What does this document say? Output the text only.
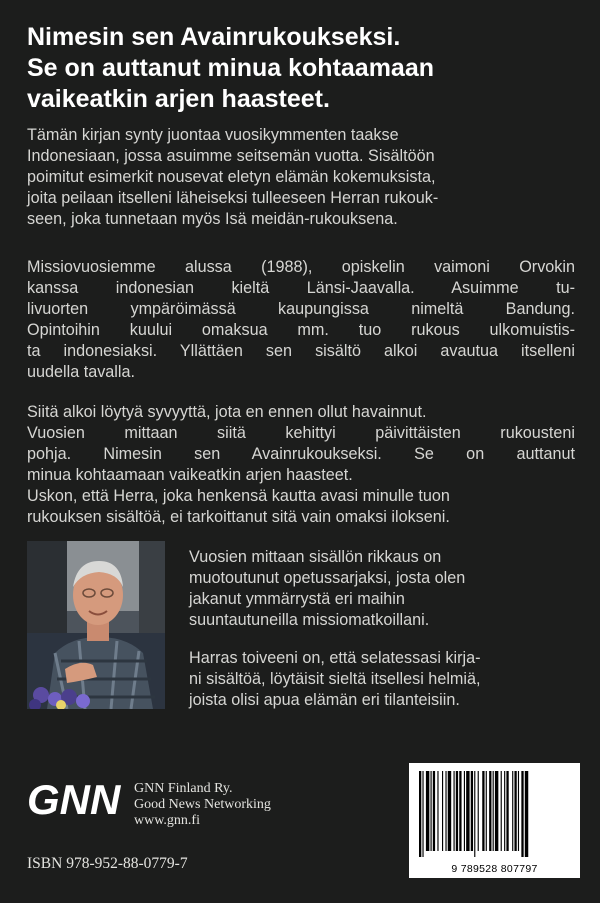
Nimesin sen Avainrukoukseksi.
Se on auttanut minua kohtaamaan
vaikeatkin arjen haasteet.
Tämän kirjan synty juontaa vuosikymmenten taakse
Indonesiaan, jossa asuimme seitsemän vuotta. Sisältöön
poimitut esimerkit nousevat eletyn elämän kokemuksista,
joita peilaan itselleni läheiseksi tulleeseen Herran rukouk-
seen, joka tunnetaan myös Isä meidän-rukouksena.
Missiovuosiemme alussa (1988), opiskelin vaimoni Orvokin
kanssa indonesian kieltä Länsi-Jaavalla. Asuimme tu-
livuorten ympäröimässä kaupungissa nimeltä Bandung.
Opintoihin kuului omaksua mm. tuo rukous ulkomuistis-
ta indonesiaksi. Yllättäen sen sisältö alkoi avautua itselleni
uudella tavalla.
Siitä alkoi löytyä syvyyttä, jota en ennen ollut havainnut.
Vuosien mittaan siitä kehittyi päivittäisten rukousteni
pohja. Nimesin sen Avainrukoukseksi. Se on auttanut
minua kohtaamaan vaikeatkin arjen haasteet.
Uskon, että Herra, joka henkensä kautta avasi minulle tuon
rukouksen sisältöä, ei tarkoittanut sitä vain omaksi ilokseni.
Vuosien mittaan sisällön rikkaus on
muotoutunut opetussarjaksi, josta olen
jakanut ymmärrystä eri maihin
suuntautuneilla missiomatkoillani.
Harras toiveeni on, että selatessasi kirja-
ni sisältöä, löytäisit sieltä itsellesi helmiä,
joista olisi apua elämän eri tilanteisiin.
GNN GNN Finland Ry.
Good News Networking
www.gnn.fi
ISBN 978-952-88-0779-7	9 789528 807797
